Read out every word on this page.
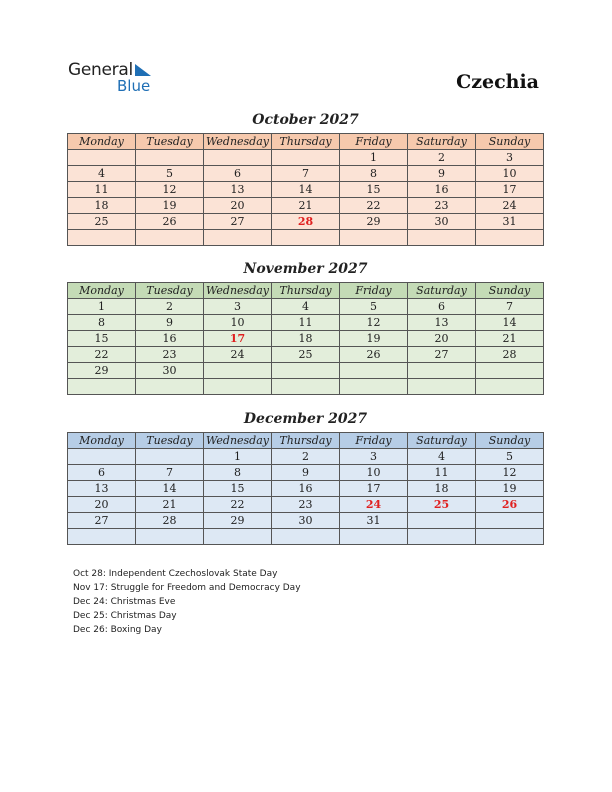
General
Blue	Czechia
October 2027
Monday	Tuesday	Wednesday	Thursday	Friday	Saturday	Sunday
				1	2	3
4	5	6	7	8	9	10
11	12	13	14	15	16	17
18	19	20	21	22	23	24
25	26	27	28	29	30	31

November 2027
Monday	Tuesday	Wednesday	Thursday	Friday	Saturday	Sunday
1	2	3	4	5	6	7
8	9	10	11	12	13	14
15	16	17	18	19	20	21
22	23	24	25	26	27	28
29	30					

December 2027
Monday	Tuesday	Wednesday	Thursday	Friday	Saturday	Sunday
		1	2	3	4	5
6	7	8	9	10	11	12
13	14	15	16	17	18	19
20	21	22	23	24	25	26
27	28	29	30	31		

Oct 28: Independent Czechoslovak State Day
Nov 17: Struggle for Freedom and Democracy Day
Dec 24: Christmas Eve
Dec 25: Christmas Day
Dec 26: Boxing Day
